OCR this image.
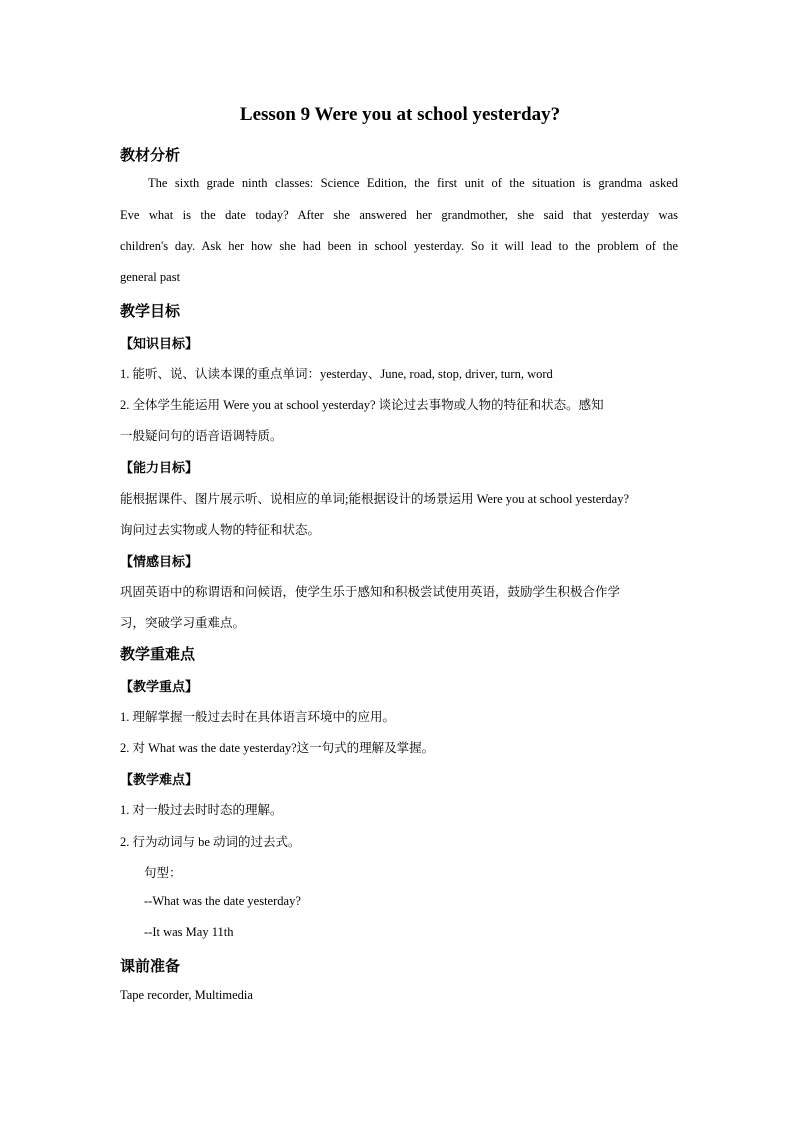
Lesson 9 Were you at school yesterday?
教材分析
The sixth grade ninth classes: Science Edition, the first unit of the situation is grandma asked
Eve what is the date today? After she answered her grandmother, she said that yesterday was
children's day. Ask her how she had been in school yesterday. So it will lead to the problem of the
general past
教学目标
【知识目标】
1. 能听、说、认读本课的重点单词：yesterday、June, road, stop, driver, turn, word
2. 全体学生能运用 Were you at school yesterday? 谈论过去事物或人物的特征和状态。感知
一般疑问句的语音语调特质。
【能力目标】
能根据课件、图片展示听、说相应的单词;能根据设计的场景运用 Were you at school yesterday?
询问过去实物或人物的特征和状态。
【情感目标】
巩固英语中的称谓语和问候语，使学生乐于感知和积极尝试使用英语，鼓励学生积极合作学
习，突破学习重难点。
教学重难点
【教学重点】
1. 理解掌握一般过去时在具体语言环境中的应用。
2. 对 What was the date yesterday?这一句式的理解及掌握。
【教学难点】
1. 对一般过去时时态的理解。
2. 行为动词与 be 动词的过去式。
句型：
--What was the date yesterday?
--It was May 11th
课前准备
Tape recorder, Multimedia
